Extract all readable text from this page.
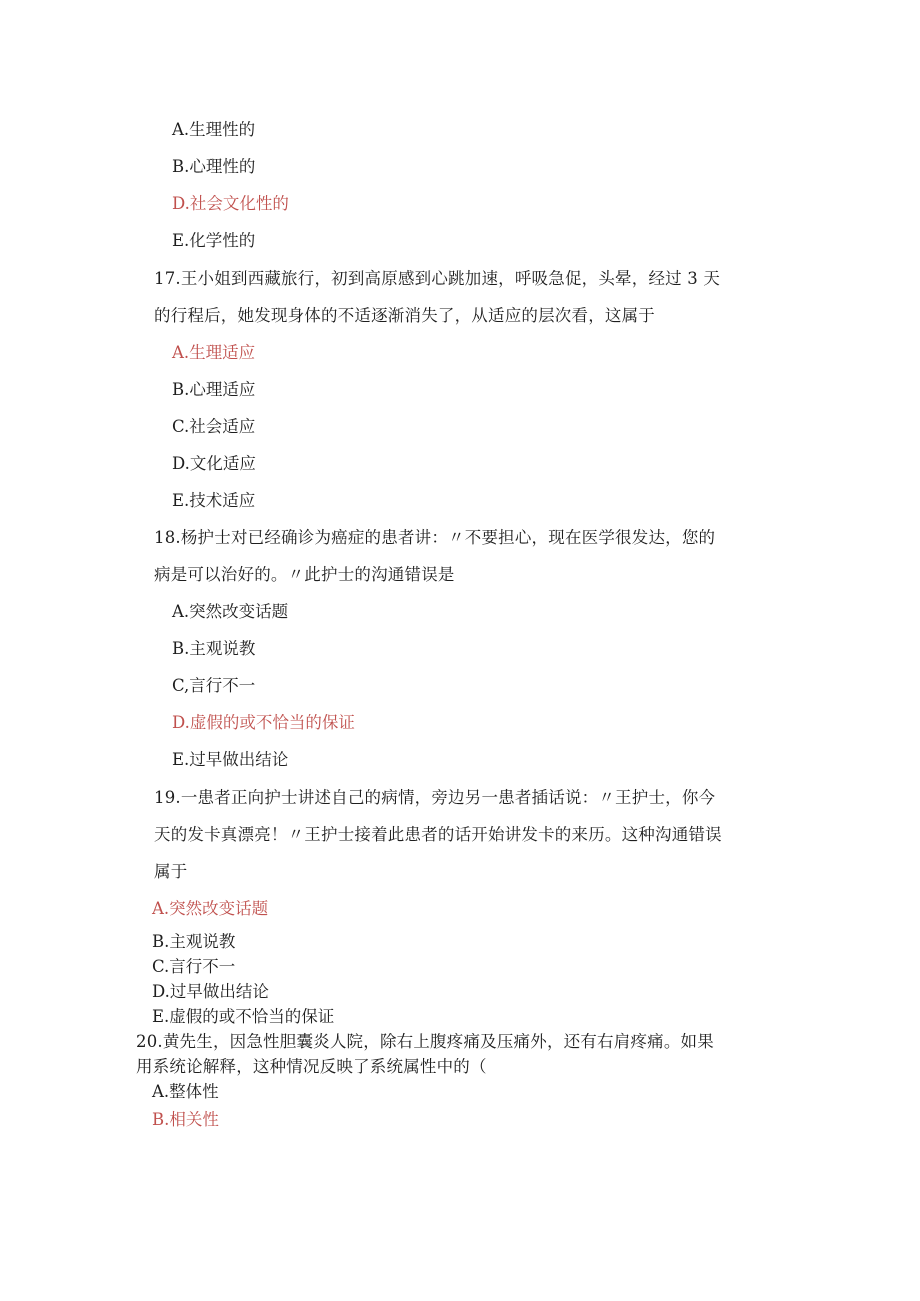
A.生理性的
B.心理性的
D.社会文化性的
E.化学性的
17.王小姐到西藏旅行，初到高原感到心跳加速，呼吸急促，头晕，经过 3 天
的行程后，她发现身体的不适逐渐消失了，从适应的层次看，这属于
A.生理适应
B.心理适应
C.社会适应
D.文化适应
E.技术适应
18.杨护士对已经确诊为癌症的患者讲：〃不要担心，现在医学很发达，您的
病是可以治好的。〃此护士的沟通错误是
A.突然改变话题
B.主观说教
C,言行不一
D.虚假的或不恰当的保证
E.过早做出结论
19.一患者正向护士讲述自己的病情，旁边另一患者插话说：〃王护士，你今
天的发卡真漂亮！〃王护士接着此患者的话开始讲发卡的来历。这种沟通错误
属于
A.突然改变话题
B.主观说教
C.言行不一
D.过早做出结论
E.虚假的或不恰当的保证
20.黄先生，因急性胆囊炎人院，除右上腹疼痛及压痛外，还有右肩疼痛。如果
用系统论解释，这种情况反映了系统属性中的（
A.整体性
B.相关性
